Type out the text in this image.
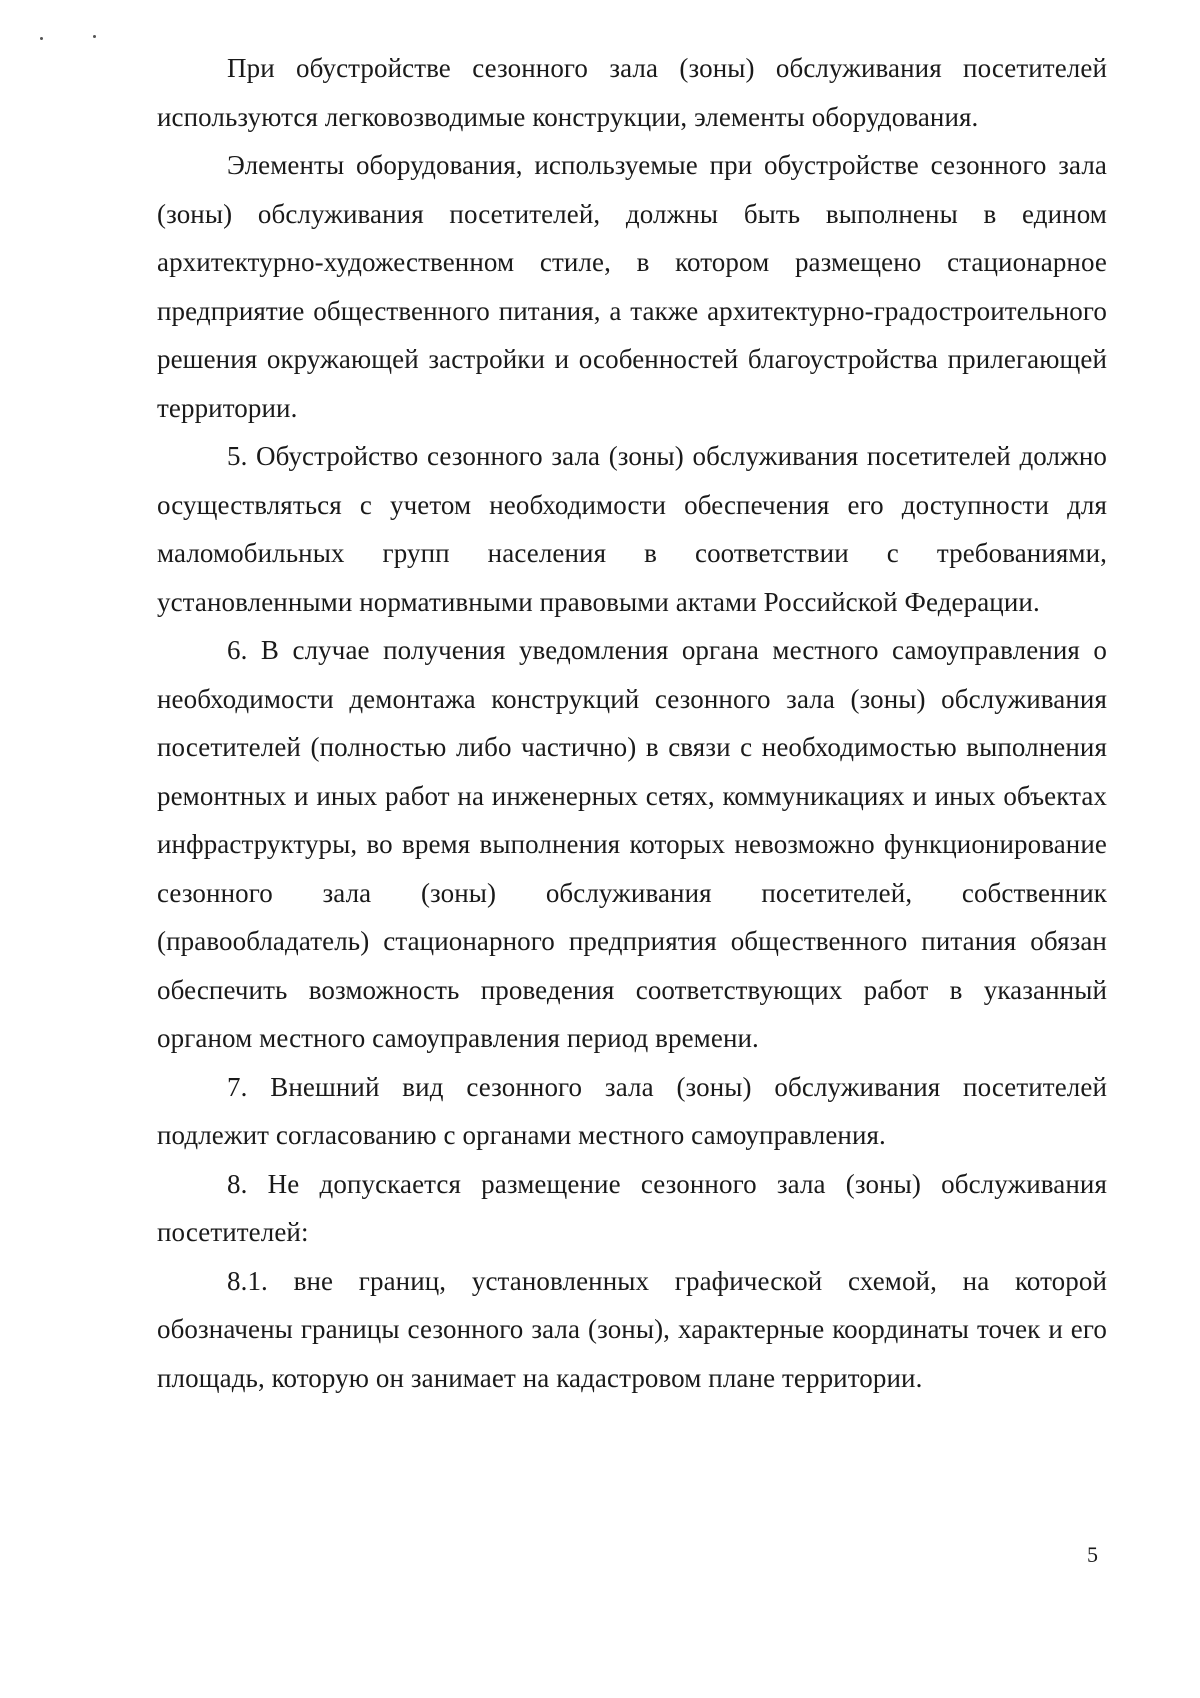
При обустройстве сезонного зала (зоны) обслуживания посетителей используются легковозводимые конструкции, элементы оборудования.

Элементы оборудования, используемые при обустройстве сезонного зала (зоны) обслуживания посетителей, должны быть выполнены в едином архитектурно-художественном стиле, в котором размещено стационарное предприятие общественного питания, а также архитектурно-градостроительного решения окружающей застройки и особенностей благоустройства прилегающей территории.

5. Обустройство сезонного зала (зоны) обслуживания посетителей должно осуществляться с учетом необходимости обеспечения его доступности для маломобильных групп населения в соответствии с требованиями, установленными нормативными правовыми актами Российской Федерации.

6. В случае получения уведомления органа местного самоуправления о необходимости демонтажа конструкций сезонного зала (зоны) обслуживания посетителей (полностью либо частично) в связи с необходимостью выполнения ремонтных и иных работ на инженерных сетях, коммуникациях и иных объектах инфраструктуры, во время выполнения которых невозможно функционирование сезонного зала (зоны) обслуживания посетителей, собственник (правообладатель) стационарного предприятия общественного питания обязан обеспечить возможность проведения соответствующих работ в указанный органом местного самоуправления период времени.

7. Внешний вид сезонного зала (зоны) обслуживания посетителей подлежит согласованию с органами местного самоуправления.

8. Не допускается размещение сезонного зала (зоны) обслуживания посетителей:

8.1. вне границ, установленных графической схемой, на которой обозначены границы сезонного зала (зоны), характерные координаты точек и его площадь, которую он занимает на кадастровом плане территории.

5
